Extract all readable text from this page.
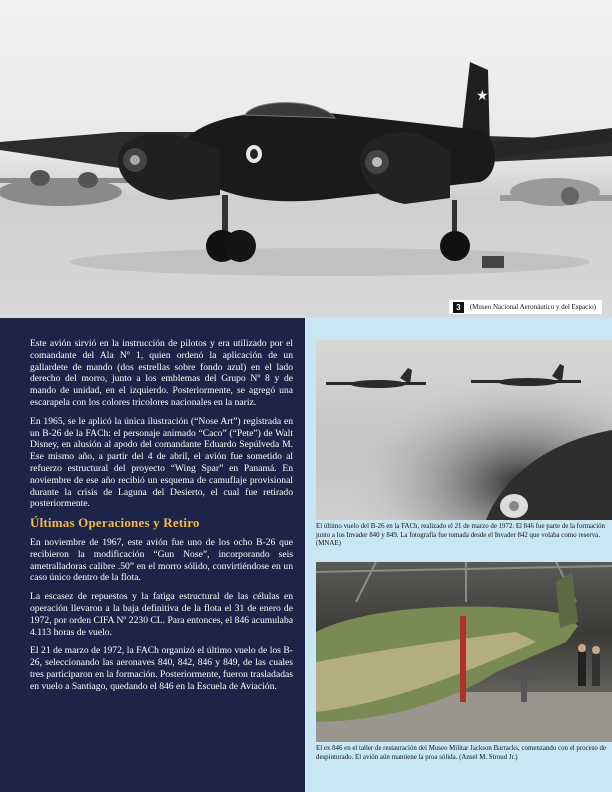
★
3	(Museo Nacional Aeronáutico y del Espacio)

Este avión sirvió en la instrucción de pilotos y era utilizado por el comandante del Ala Nº 1, quien ordenó la aplicación de un gallardete de mando (dos estrellas sobre fondo azul) en el lado derecho del morro, junto a los emblemas del Grupo Nº 8 y de mando de unidad, en el izquierdo. Posteriormente, se agregó una escarapela con los colores tricolores nacionales en la nariz.

En 1965, se le aplicó la única ilustración (“Nose Art”) registrada en un B-26 de la FACh: el personaje animado “Caco” (“Pete”) de Walt Disney, en alusión al apodo del comandante Eduardo Sepúlveda M. Ese mismo año, a partir del 4 de abril, el avión fue sometido al refuerzo estructural del proyecto “Wing Spar” en Panamá. En noviembre de ese año recibió un esquema de camuflaje provisional durante la crisis de Laguna del Desierto, el cual fue retirado posteriormente.

Últimas Operaciones y Retiro

En noviembre de 1967, este avión fue uno de los ocho B-26 que recibieron la modificación “Gun Nose”, incorporando seis ametralladoras calibre .50” en el morro sólido, convirtiéndose en un caso único dentro de la flota.

La escasez de repuestos y la fatiga estructural de las células en operación llevaron a la baja definitiva de la flota el 31 de enero de 1972, por orden CIFA Nº 2230 CL. Para entonces, el 846 acumulaba 4.113 horas de vuelo.

El 21 de marzo de 1972, la FACh organizó el último vuelo de los B-26, seleccionando las aeronaves 840, 842, 846 y 849, de las cuales tres participaron en la formación. Posteriormente, fueron trasladadas en vuelo a Santiago, quedando el 846 en la Escuela de Aviación.

El último vuelo del B-26 en la FACh, realizado el 21 de marzo de 1972. El 846 fue parte de la formación junto a los Invader 840 y 849. La fotografía fue tomada desde el Invader 842 que volaba como reserva. (MNAE)
El ex 846 en el taller de restauración del Museo Militar Jackson Barracks, comenzando con el proceso de despinturado. El avión aún mantiene la proa sólida. (Ansel M. Stroud Jr.)
